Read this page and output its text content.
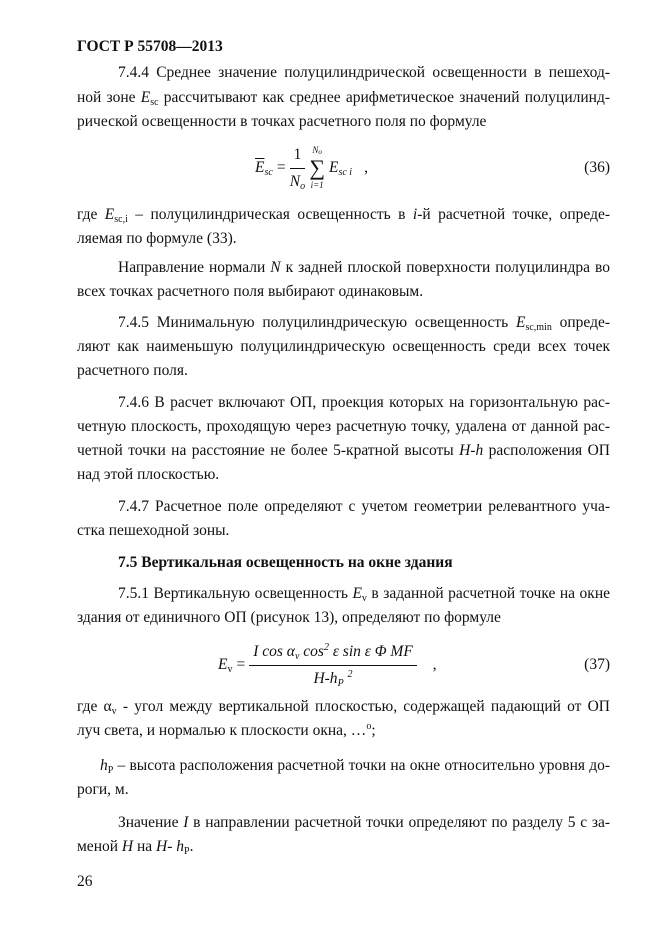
ГОСТ Р 55708—2013
7.4.4 Среднее значение полуцилиндрической освещенности в пешеход-
ной зоне $\overline{E}_{sc}$ рассчитывают как среднее арифметическое значений полуцилинд-
рической освещенности в точках расчетного поля по формуле
где $E_{sc,i}$ – полуцилиндрическая освещенность в i-й расчетной точке, опреде-
ляемая по формуле (33).
Направление нормали N к задней плоской поверхности полуцилиндра во
всех точках расчетного поля выбирают одинаковым.
7.4.5 Минимальную полуцилиндрическую освещенность $E_{sc,min}$ опреде-
ляют как наименьшую полуцилиндрическую освещенность среди всех точек
расчетного поля.
7.4.6 В расчет включают ОП, проекция которых на горизонтальную рас-
четную плоскость, проходящую через расчетную точку, удалена от данной рас-
четной точки на расстояние не более 5-кратной высоты H-h расположения ОП
над этой плоскостью.
7.4.7 Расчетное поле определяют с учетом геометрии релевантного уча-
стка пешеходной зоны.
7.5 Вертикальная освещенность на окне здания
7.5.1 Вертикальную освещенность $E_v$ в заданной расчетной точке на окне
здания от единичного ОП (рисунок 13), определяют по формуле
где $\alpha_v$ - угол между вертикальной плоскостью, содержащей падающий от ОП
луч света, и нормалью к плоскости окна, …$^o$;
$h_P$ – высота расположения расчетной точки на окне относительно уровня до-
роги, м.
Значение I в направлении расчетной точки определяют по разделу 5 с за-
меной H на H- $h_P$.
26
$\overline{E}_{sc} = \frac{1}{N_o} N_o$
∑
i=1
$E_{sc i}$ ,	(36)
$E_v = \frac{I \cos \alpha_v \cos^2 \varepsilon \sin \varepsilon \Phi MF}{H-h_P ^2}$ ,	(37)
